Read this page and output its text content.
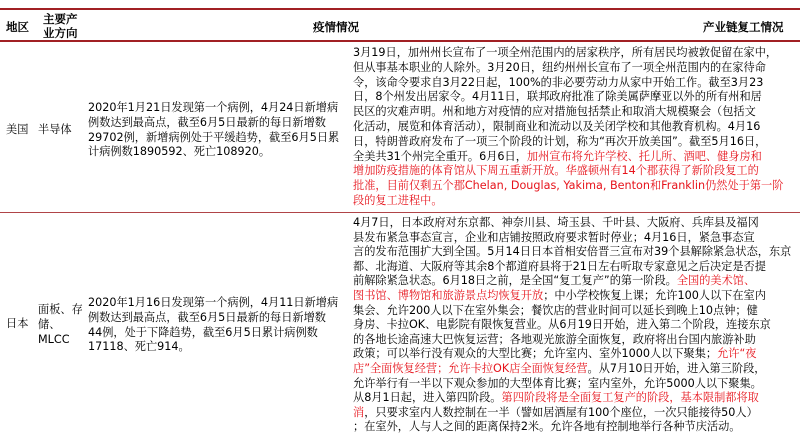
地区
主要产
业方向	疫情情况	产业链复工情况
美国 半导体
2020年1月21日发现第一个病例，4月24日新增病
例数达到最高点，截至6月5日最新的每日新增数
29702例，新增病例处于平缓趋势，截至6月5日累
计病例数1890592、死亡108920。
3月19日，加州州长宣布了一项全州范围内的居家秩序，所有居民均被敦促留在家中，
但从事基本职业的人除外。3月20日，纽约州州长宣布了一项全州范围内的在家待命
令，该命令要求自3月22日起，100%的非必要劳动力从家中开始工作。截至3月23
日，8个州发出居家令。4月11日，联邦政府批准了除美属萨摩亚以外的所有州和居
民区的灾难声明。州和地方对疫情的应对措施包括禁止和取消大规模聚会（包括文
化活动，展览和体育活动），限制商业和流动以及关闭学校和其他教育机构。4月16
日，特朗普政府发布了一项三个阶段的计划，称为“再次开放美国”。截至5月16日，
全美共31个州完全重开。6月6日，加州宣布将允许学校、托儿所、酒吧、健身房和
增加防疫措施的体育馆从下周五重新开放。华盛顿州有14个郡获得了新阶段复工的
批准，目前仅剩五个郡Chelan, Douglas, Yakima, Benton和Franklin仍然处于第一阶
段的复工进程中。
日本
面板、存
储、
MLCC
2020年1月16日发现第一个病例，4月11日新增病
例数达到最高点，截至6月5日最新的每日新增数
44例，处于下降趋势，截至6月5日累计病例数
17118、死亡914。
4月7日，日本政府对东京都、神奈川县、埼玉县、千叶县、大阪府、兵库县及福冈
县发布紧急事态宣言，企业和店铺按照政府要求暂时停业；4月16日，紧急事态宣
言的发布范围扩大到全国。5月14日日本首相安倍晋三宣布对39个县解除紧急状态，东京
都、北海道、大阪府等其余8个都道府县将于21日左右听取专家意见之后决定是否提
前解除紧急状态。6月18日之前，是全国“复工复产”的第一阶段。全国的美术馆、
图书馆、博物馆和旅游景点均恢复开放；中小学校恢复上课；允许100人以下在室内
集会、允许200人以下在室外集会；餐饮店的营业时间可以延长到晚上10点钟；健
身房、卡拉OK、电影院有限恢复营业。从6月19日开始，进入第二个阶段，连接东京
的各地长途高速大巴恢复运营；各地观光旅游全面恢复，政府将出台国内旅游补助
政策；可以举行没有观众的大型比赛；允许室内、室外1000人以下聚集；允许“夜
店”全面恢复经营；允许卡拉OK店全面恢复经营。从7月10日开始，进入第三阶段，
允许举行有一半以下观众参加的大型体育比赛；室内室外，允许5000人以下聚集。
从8月1日起，进入第四阶段。第四阶段将是全面复工复产的阶段，基本限制都将取
消，只要求室内人数控制在一半（譬如居酒屋有100个座位，一次只能接待50人）
；在室外，人与人之间的距离保持2米。允许各地有控制地举行各种节庆活动。
